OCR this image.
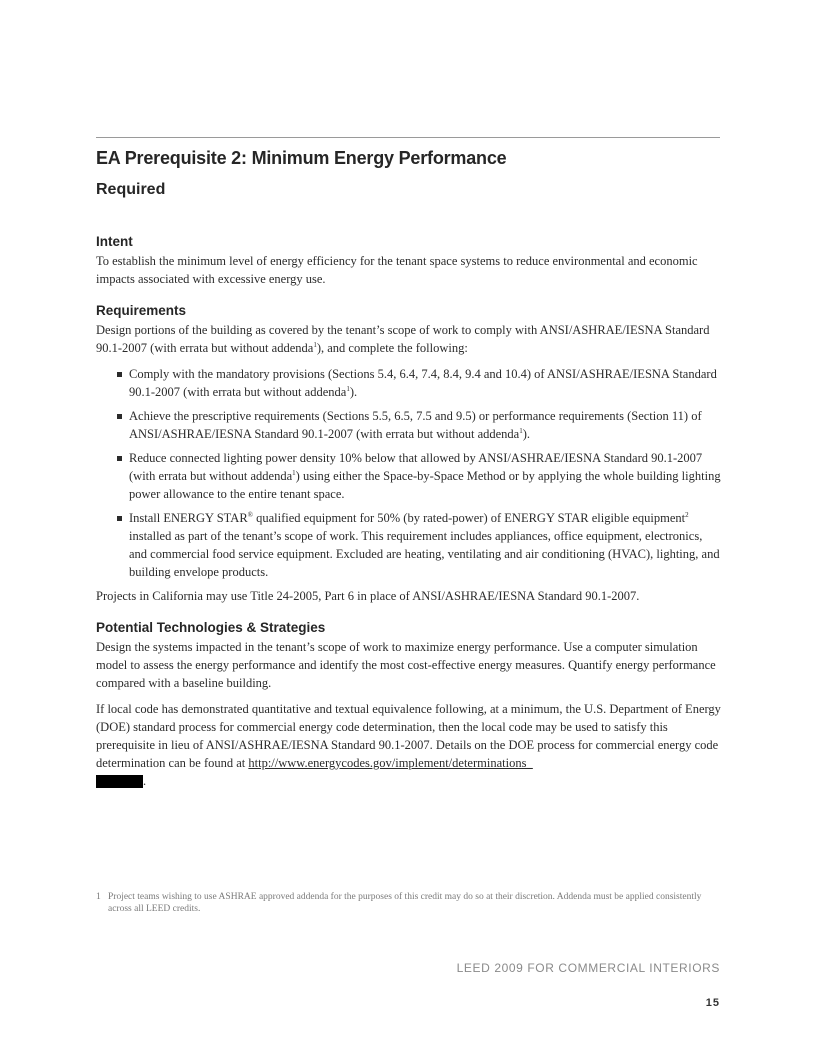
EA Prerequisite 2: Minimum Energy Performance
Required
Intent

To establish the minimum level of energy efficiency for the tenant space systems to reduce environmental and economic impacts associated with excessive energy use.

Requirements

Design portions of the building as covered by the tenant’s scope of work to comply with ANSI/ASHRAE/IESNA Standard 90.1-2007 (with errata but without addenda$^1$), and complete the following:

Comply with the mandatory provisions (Sections 5.4, 6.4, 7.4, 8.4, 9.4 and 10.4) of ANSI/ASHRAE/IESNA Standard 90.1-2007 (with errata but without addenda$^1$).
Achieve the prescriptive requirements (Sections 5.5, 6.5, 7.5 and 9.5) or performance requirements (Section 11) of ANSI/ASHRAE/IESNA Standard 90.1-2007 (with errata but without addenda$^1$).
Reduce connected lighting power density 10% below that allowed by ANSI/ASHRAE/IESNA Standard 90.1-2007 (with errata but without addenda$^1$) using either the Space-by-Space Method or by applying the whole building lighting power allowance to the entire tenant space.
Install ENERGY STAR® qualified equipment for 50% (by rated-power) of ENERGY STAR eligible equipment$^2$ installed as part of the tenant’s scope of work. This requirement includes appliances, office equipment, electronics, and commercial food service equipment. Excluded are heating, ventilating and air conditioning (HVAC), lighting, and building envelope products.

Projects in California may use Title 24-2005, Part 6 in place of ANSI/ASHRAE/IESNA Standard 90.1-2007.

Potential Technologies & Strategies

Design the systems impacted in the tenant’s scope of work to maximize energy performance. Use a computer simulation model to assess the energy performance and identify the most cost-effective energy measures. Quantify energy performance compared with a baseline building.

If local code has demonstrated quantitative and textual equivalence following, at a minimum, the U.S. Department of Energy (DOE) standard process for commercial energy code determination, then the local code may be used to satisfy this prerequisite in lieu of ANSI/ASHRAE/IESNA Standard 90.1-2007. Details on the DOE process for commercial energy code determination can be found at http://www.energycodes.gov/implement/determinations_
.

1 Project teams wishing to use ASHRAE approved addenda for the purposes of this credit may do so at their discretion. Addenda must be applied consistently across all LEED credits.
LEED 2009 FOR COMMERCIAL INTERIORS
15
